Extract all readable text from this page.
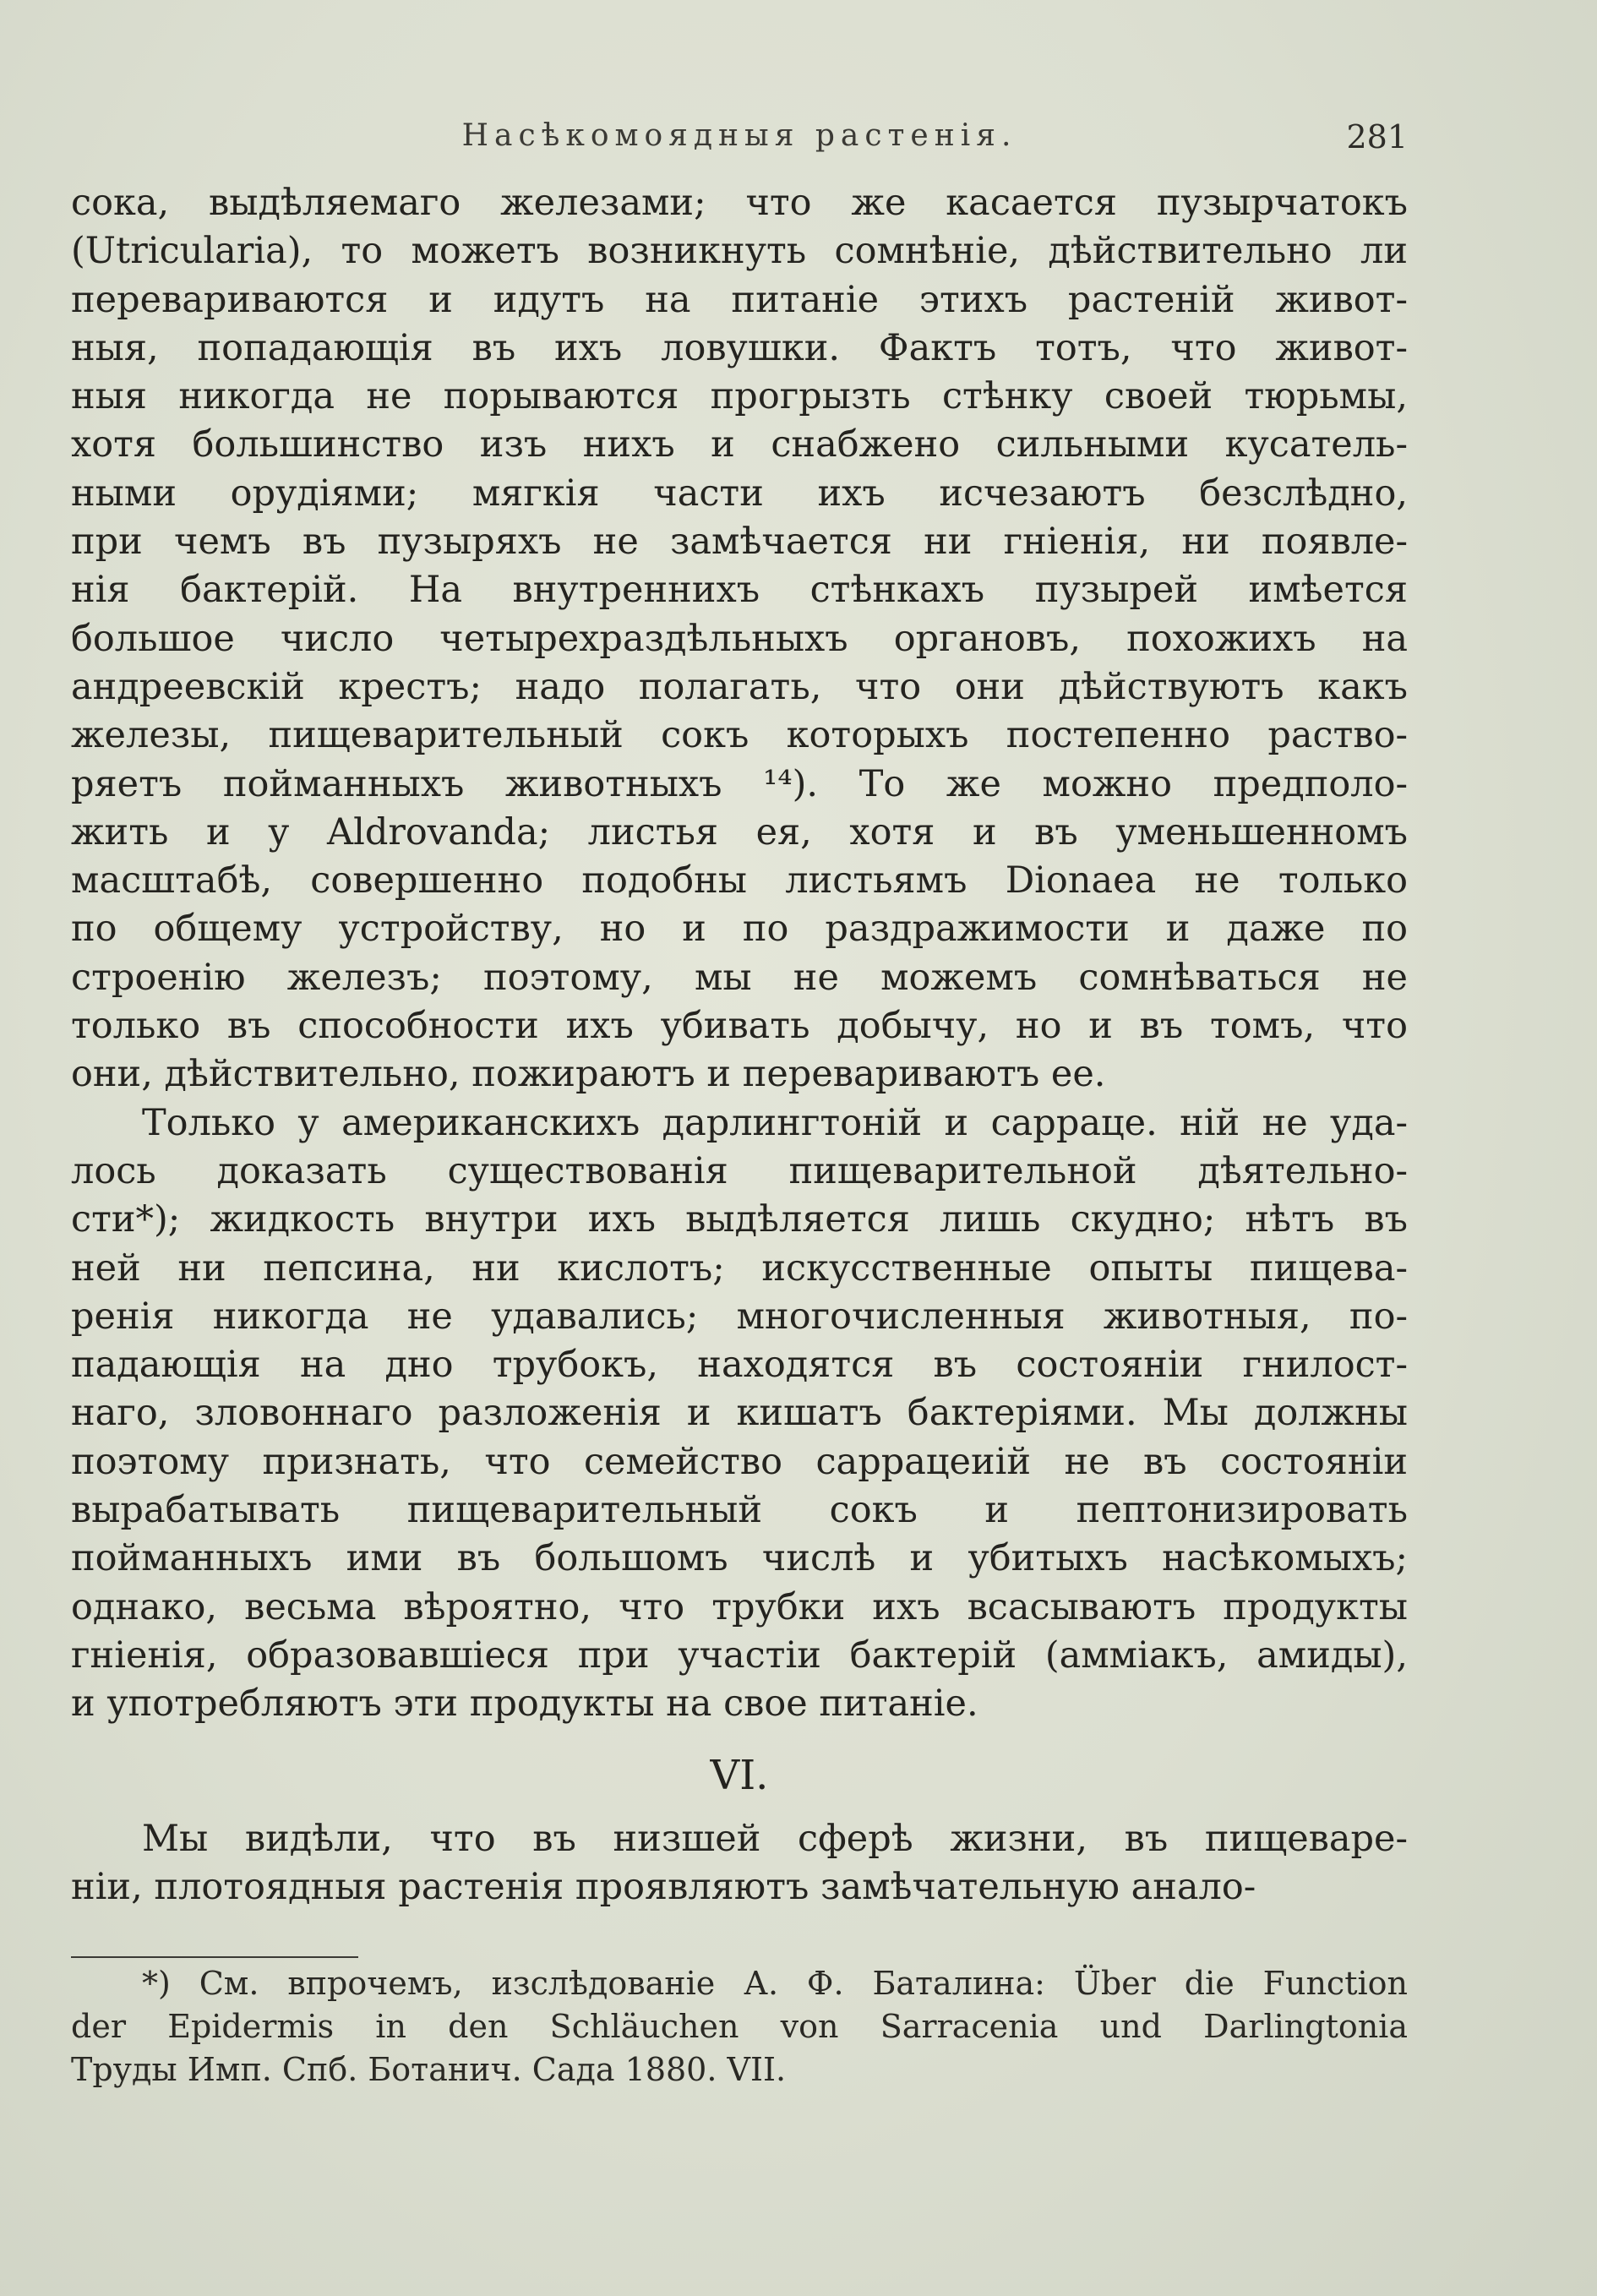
Насѣкомоядныя растенія.	281
сока, выдѣляемаго железами; что же касается пузырчатокъ
(Utricularia), то можетъ возникнуть сомнѣніе, дѣйствительно ли
перевариваются и идутъ на питаніе этихъ растеній живот-
ныя, попадающія въ ихъ ловушки. Фактъ тотъ, что живот-
ныя никогда не порываются прогрызть стѣнку своей тюрьмы,
хотя большинство изъ нихъ и снабжено сильными кусатель-
ными орудіями; мягкія части ихъ исчезаютъ безслѣдно,
при чемъ въ пузыряхъ не замѣчается ни гніенія, ни появле-
нія бактерій. На внутреннихъ стѣнкахъ пузырей имѣется
большое число четырехраздѣльныхъ органовъ, похожихъ на
андреевскій крестъ; надо полагать, что они дѣйствуютъ какъ
железы, пищеварительный сокъ которыхъ постепенно раство-
ряетъ пойманныхъ животныхъ ¹⁴). То же можно предполо-
жить и у Aldrovanda; листья ея, хотя и въ уменьшенномъ
масштабѣ, совершенно подобны листьямъ Dionaea не только
по общему устройству, но и по раздражимости и даже по
строенію железъ; поэтому, мы не можемъ сомнѣваться не
только въ способности ихъ убивать добычу, но и въ томъ, что
они, дѣйствительно, пожираютъ и перевариваютъ ее.
Только у американскихъ дарлингтоній и сарраце. ній не уда-
лось доказать существованія пищеварительной дѣятельно-
сти*); жидкость внутри ихъ выдѣляется лишь скудно; нѣтъ въ
ней ни пепсина, ни кислотъ; искусственные опыты пищева-
ренія никогда не удавались; многочисленныя животныя, по-
падающія на дно трубокъ, находятся въ состояніи гнилост-
наго, зловоннаго разложенія и кишатъ бактеріями. Мы должны
поэтому признать, что семейство саррацеиій не въ состояніи
вырабатывать пищеварительный сокъ и пептонизировать
пойманныхъ ими въ большомъ числѣ и убитыхъ насѣкомыхъ;
однако, весьма вѣроятно, что трубки ихъ всасываютъ продукты
гніенія, образовавшіеся при участіи бактерій (амміакъ, амиды),
и употребляютъ эти продукты на свое питаніе.
VI.
Мы видѣли, что въ низшей сферѣ жизни, въ пищеваре-
ніи, плотоядныя растенія проявляютъ замѣчательную анало-
*) См. впрочемъ, изслѣдованіе А. Ф. Баталина: Über die Function
der Epidermis in den Schläuchen von Sarracenia und Darlingtonia
Труды Имп. Спб. Ботанич. Сада 1880. VII.
